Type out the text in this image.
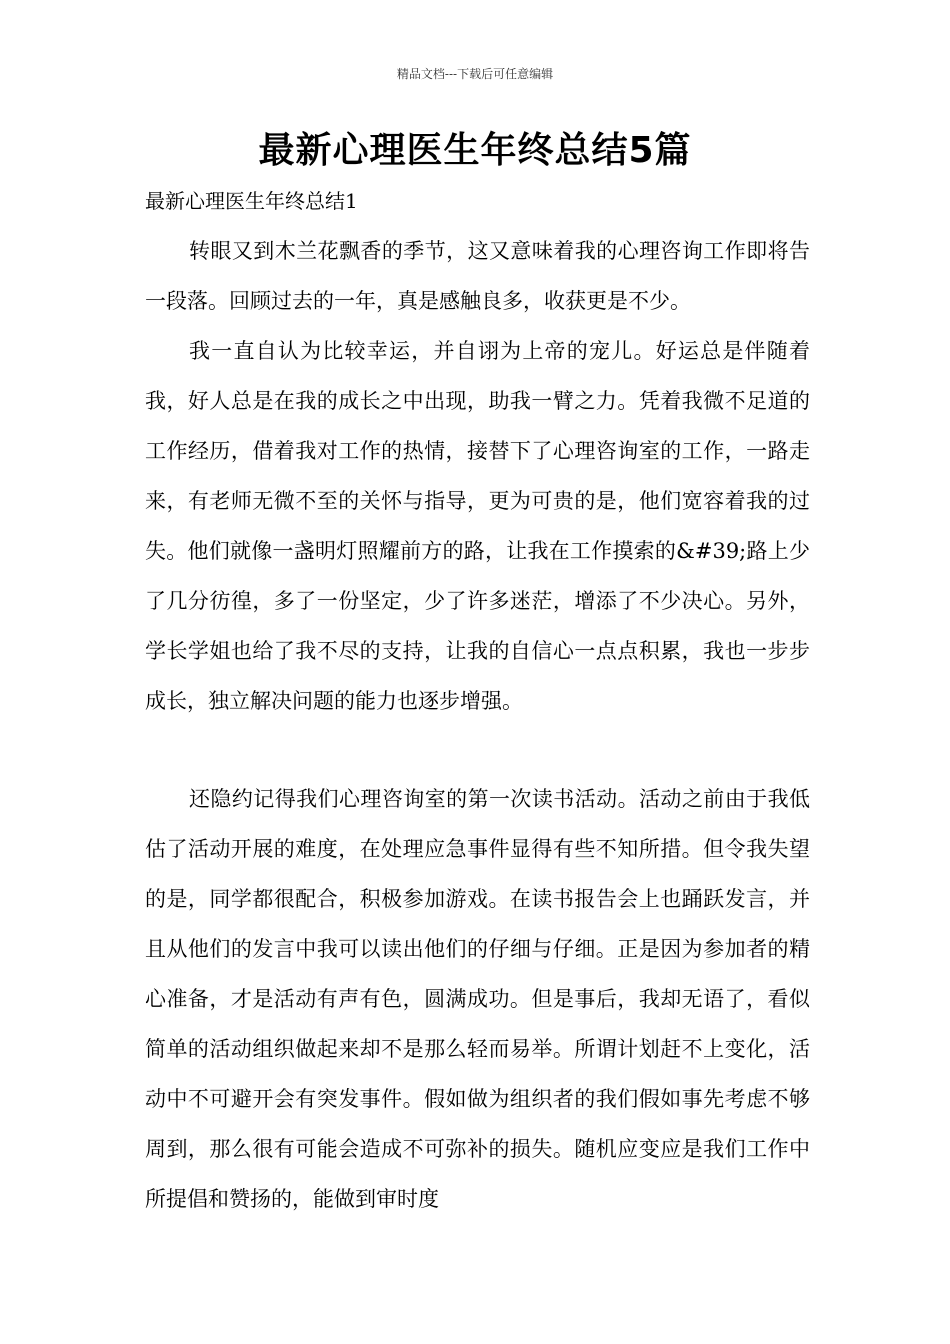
精品文档---下载后可任意编辑
最新心理医生年终总结5篇
最新心理医生年终总结1

转眼又到木兰花飘香的季节，这又意味着我的心理咨询工作即将告一段落。回顾过去的一年，真是感触良多，收获更是不少。

我一直自认为比较幸运，并自诩为上帝的宠儿。好运总是伴随着我，好人总是在我的成长之中出现，助我一臂之力。凭着我微不足道的工作经历，借着我对工作的热情，接替下了心理咨询室的工作，一路走来，有老师无微不至的关怀与指导，更为可贵的是，他们宽容着我的过失。他们就像一盏明灯照耀前方的路，让我在工作摸索的&#39;路上少了几分彷徨，多了一份坚定，少了许多迷茫，增添了不少决心。另外，学长学姐也给了我不尽的支持，让我的自信心一点点积累，我也一步步成长，独立解决问题的能力也逐步增强。

还隐约记得我们心理咨询室的第一次读书活动。活动之前由于我低估了活动开展的难度，在处理应急事件显得有些不知所措。但令我失望的是，同学都很配合，积极参加游戏。在读书报告会上也踊跃发言，并且从他们的发言中我可以读出他们的仔细与仔细。正是因为参加者的精心准备，才是活动有声有色，圆满成功。但是事后，我却无语了，看似简单的活动组织做起来却不是那么轻而易举。所谓计划赶不上变化，活动中不可避开会有突发事件。假如做为组织者的我们假如事先考虑不够周到，那么很有可能会造成不可弥补的损失。随机应变应是我们工作中所提倡和赞扬的，能做到审时度
